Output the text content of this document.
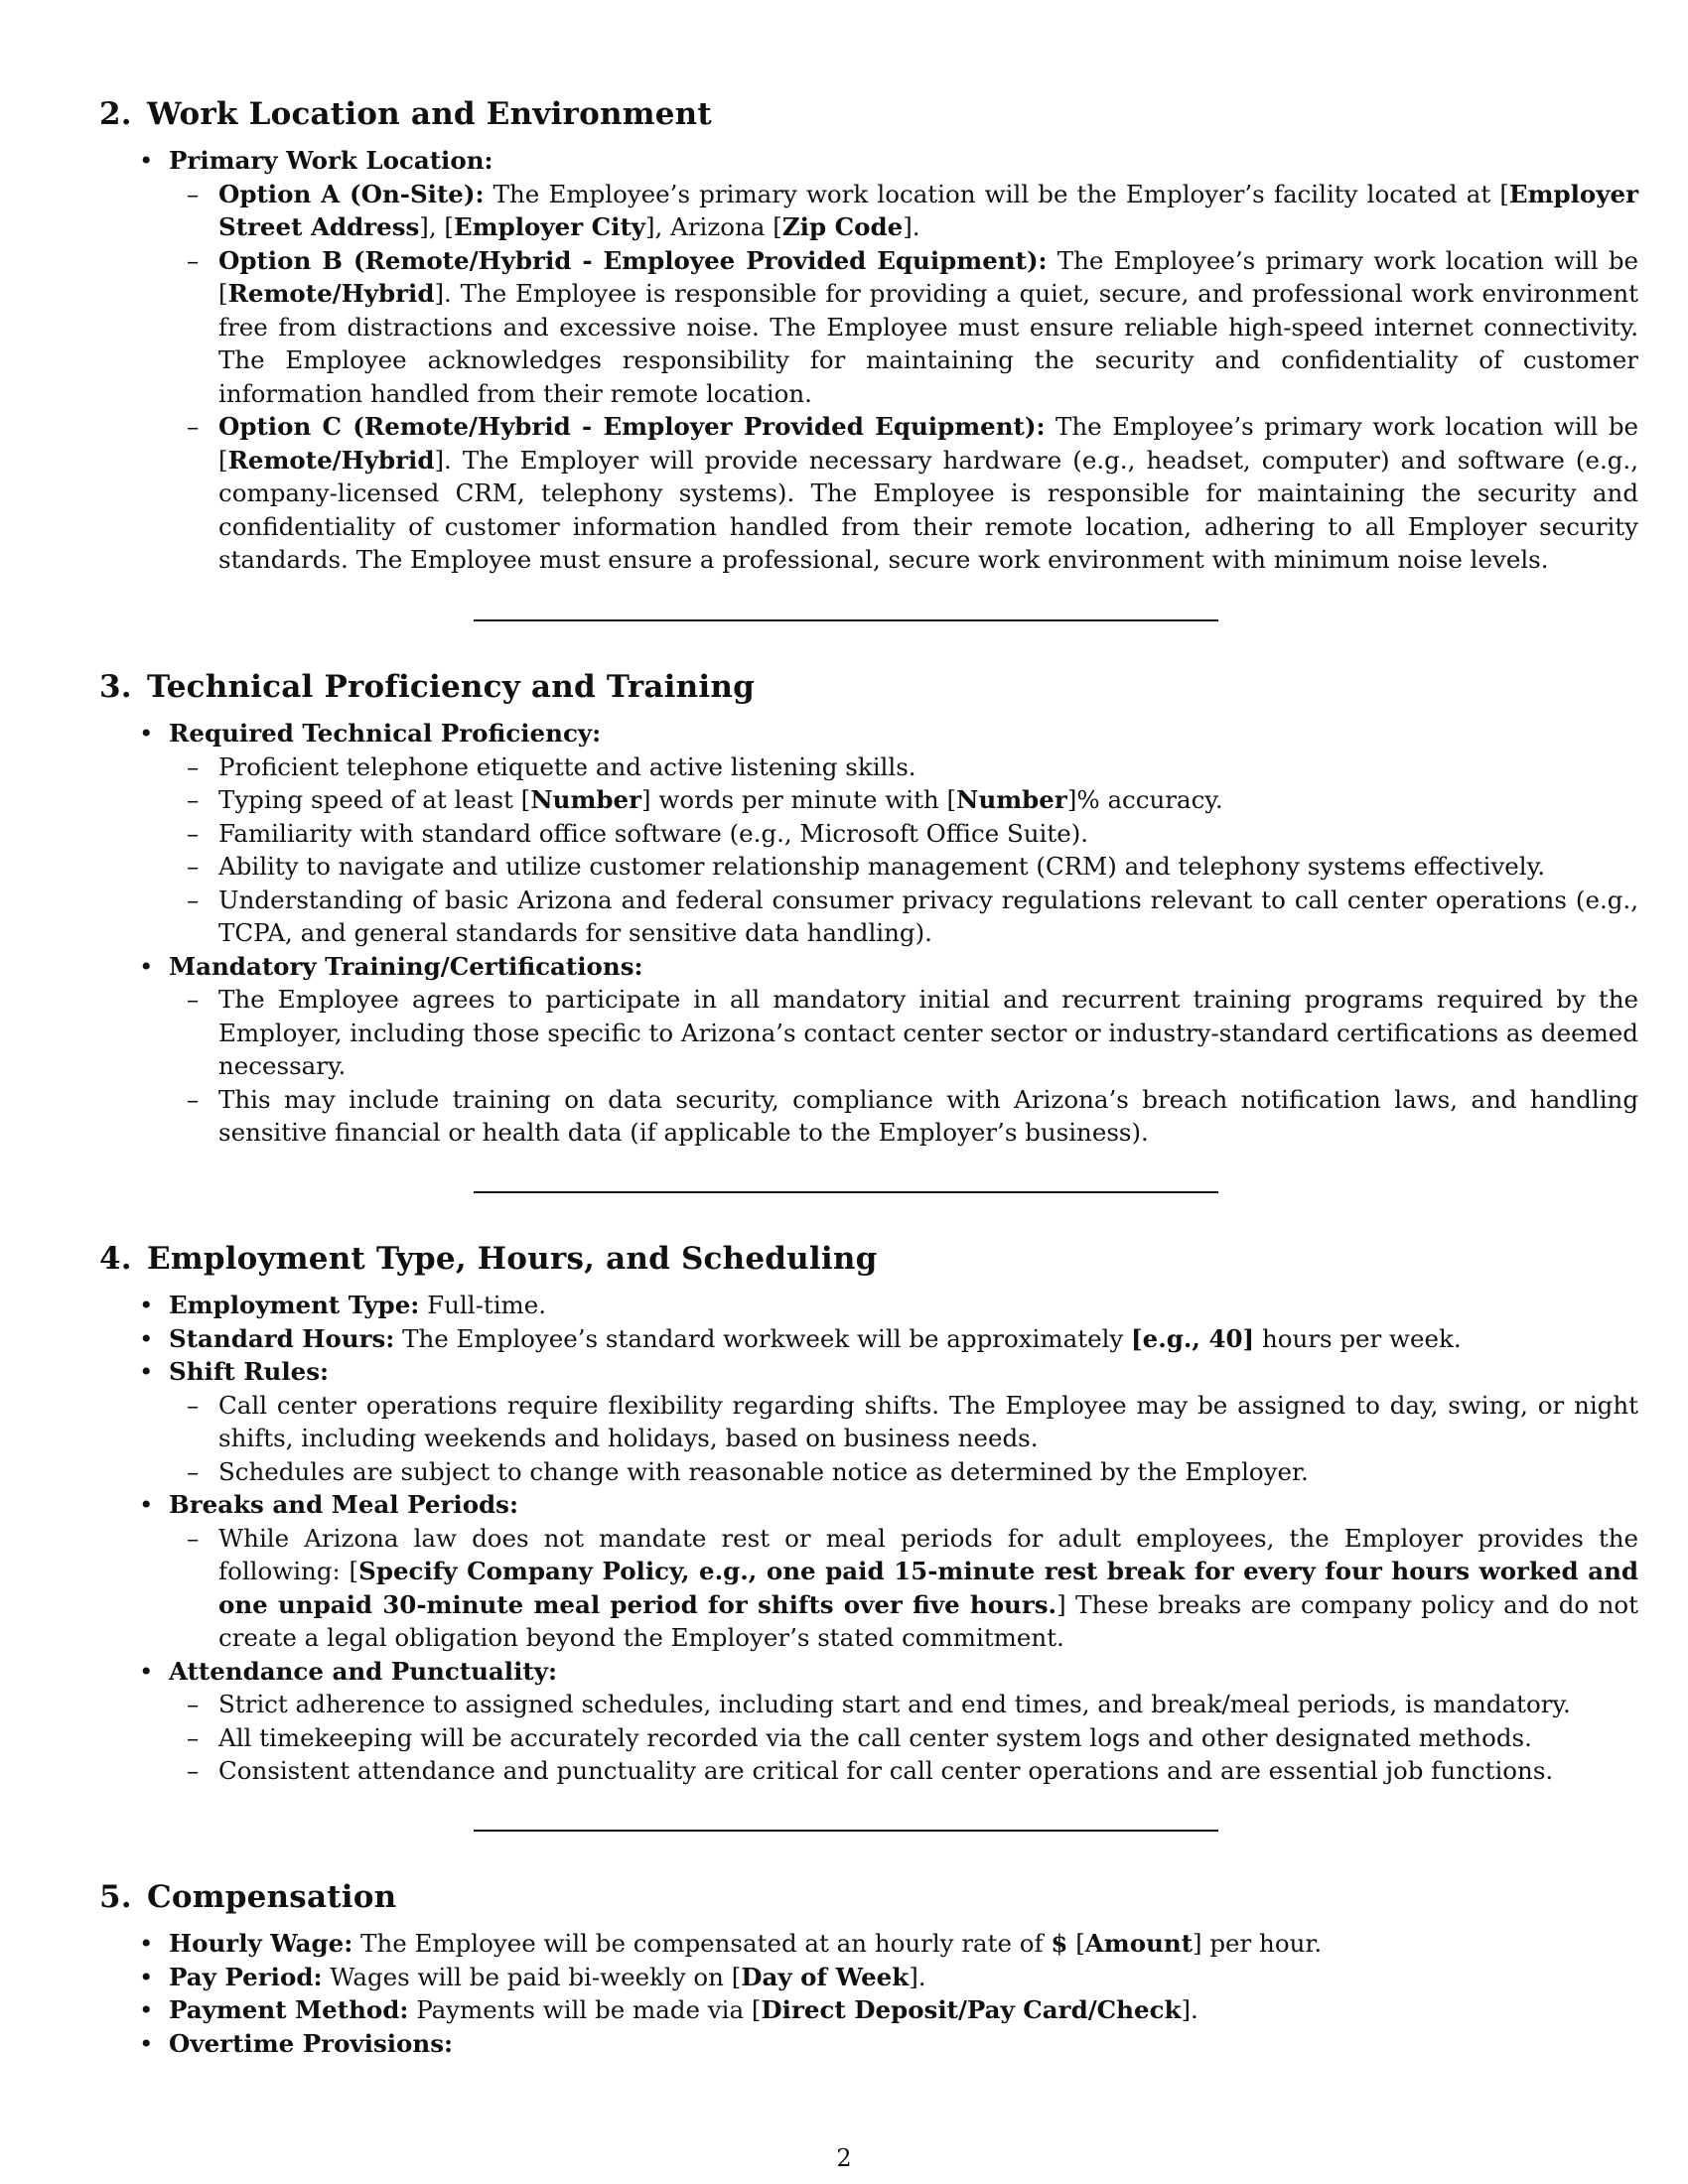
2. Work Location and Environment
• Primary Work Location:
– Option A (On-Site): The Employee’s primary work location will be the Employer’s facility located at [Employer Street Address], [Employer City], Arizona [Zip Code].
– Option B (Remote/Hybrid - Employee Provided Equipment): The Employee’s primary work location will be [Remote/Hybrid]. The Employee is responsible for providing a quiet, secure, and professional work environment free from distractions and excessive noise. The Employee must ensure reliable high-speed internet connectivity. The Employee acknowledges responsibility for maintaining the security and confidentiality of customer information handled from their remote location.
– Option C (Remote/Hybrid - Employer Provided Equipment): The Employee’s primary work location will be [Remote/Hybrid]. The Employer will provide necessary hardware (e.g., headset, computer) and software (e.g., company-licensed CRM, telephony systems). The Employee is responsible for maintaining the security and confidentiality of customer information handled from their remote location, adhering to all Employer security standards. The Employee must ensure a professional, secure work environment with minimum noise levels.
3. Technical Proficiency and Training
• Required Technical Proficiency:
– Proficient telephone etiquette and active listening skills.
– Typing speed of at least [Number] words per minute with [Number]% accuracy.
– Familiarity with standard office software (e.g., Microsoft Office Suite).
– Ability to navigate and utilize customer relationship management (CRM) and telephony systems effectively.
– Understanding of basic Arizona and federal consumer privacy regulations relevant to call center operations (e.g., TCPA, and general standards for sensitive data handling).
• Mandatory Training/Certifications:
– The Employee agrees to participate in all mandatory initial and recurrent training programs required by the Employer, including those specific to Arizona’s contact center sector or industry-standard certifications as deemed necessary.
– This may include training on data security, compliance with Arizona’s breach notification laws, and handling sensitive financial or health data (if applicable to the Employer’s business).
4. Employment Type, Hours, and Scheduling
• Employment Type: Full-time.
• Standard Hours: The Employee’s standard workweek will be approximately [e.g., 40] hours per week.
• Shift Rules:
– Call center operations require flexibility regarding shifts. The Employee may be assigned to day, swing, or night shifts, including weekends and holidays, based on business needs.
– Schedules are subject to change with reasonable notice as determined by the Employer.
• Breaks and Meal Periods:
– While Arizona law does not mandate rest or meal periods for adult employees, the Employer provides the following: [Specify Company Policy, e.g., one paid 15-minute rest break for every four hours worked and one unpaid 30-minute meal period for shifts over five hours.] These breaks are company policy and do not create a legal obligation beyond the Employer’s stated commitment.
• Attendance and Punctuality:
– Strict adherence to assigned schedules, including start and end times, and break/meal periods, is mandatory.
– All timekeeping will be accurately recorded via the call center system logs and other designated methods.
– Consistent attendance and punctuality are critical for call center operations and are essential job functions.
5. Compensation
• Hourly Wage: The Employee will be compensated at an hourly rate of $ [Amount] per hour.
• Pay Period: Wages will be paid bi-weekly on [Day of Week].
• Payment Method: Payments will be made via [Direct Deposit/Pay Card/Check].
• Overtime Provisions:
2
